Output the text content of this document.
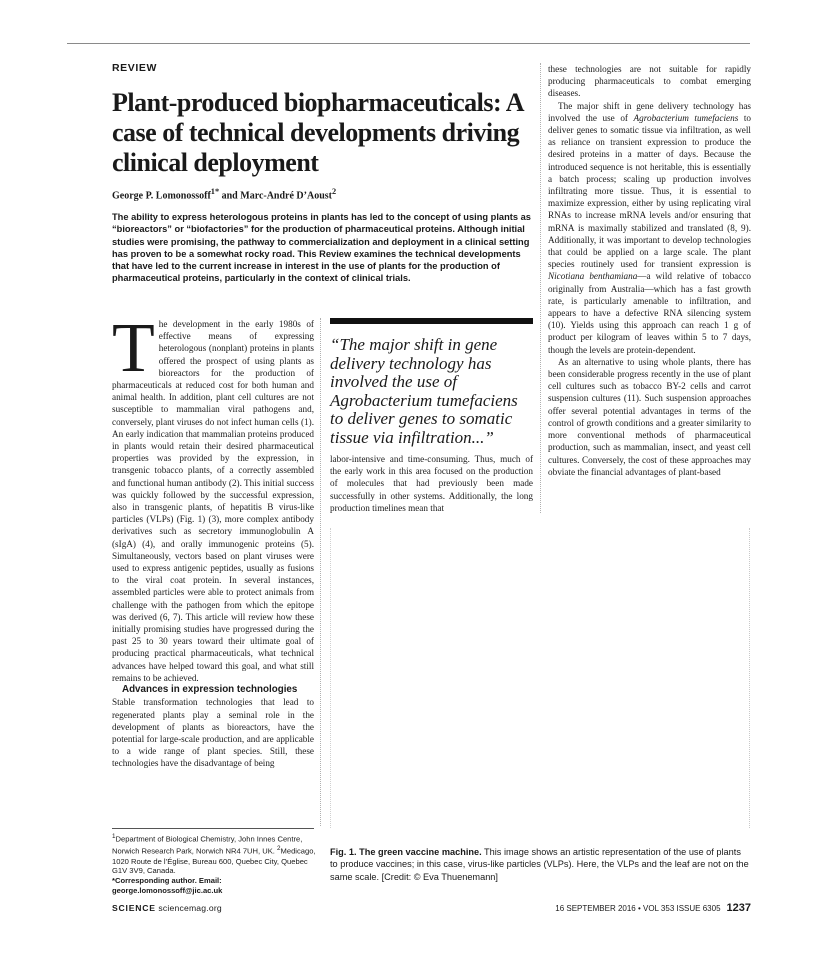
REVIEW
Plant-produced biopharmaceuticals: A case of technical developments driving clinical deployment
George P. Lomonossoff$^{1*}$ and Marc-André D’Aoust$^2$

The ability to express heterologous proteins in plants has led to the concept of using plants as “bioreactors” or “biofactories” for the production of pharmaceutical proteins. Although initial studies were promising, the pathway to commercialization and deployment in a clinical setting has proven to be a somewhat rocky road. This Review examines the technical developments that have led to the current increase in interest in the use of plants for the production of pharmaceutical proteins, particularly in the context of clinical trials.

The development in the early 1980s of effective means of expressing heterologous (nonplant) proteins in plants offered the prospect of using plants as bioreactors for the production of pharmaceuticals at reduced cost for both human and animal health. In addition, plant cell cultures are not susceptible to mammalian viral pathogens and, conversely, plant viruses do not infect human cells (1). An early indication that mammalian proteins produced in plants would retain their desired pharmaceutical properties was provided by the expression, in transgenic tobacco plants, of a correctly assembled and functional human antibody (2). This initial success was quickly followed by the successful expression, also in transgenic plants, of hepatitis B virus-like particles (VLPs) (Fig. 1) (3), more complex antibody derivatives such as secretory immunoglobulin A (sIgA) (4), and orally immunogenic proteins (5). Simultaneously, vectors based on plant viruses were used to express antigenic peptides, usually as fusions to the viral coat protein. In several instances, assembled particles were able to protect animals from challenge with the pathogen from which the epitope was derived (6, 7). This article will review how these initially promising studies have progressed during the past 25 to 30 years toward their ultimate goal of producing practical pharmaceuticals, what technical advances have helped toward this goal, and what still remains to be achieved.

Advances in expression technologies

Stable transformation technologies that lead to regenerated plants play a seminal role in the development of plants as bioreactors, have the potential for large-scale production, and are applicable to a wide range of plant species. Still, these technologies have the disadvantage of being

“The major shift in gene delivery technology has involved the use of Agrobacterium tumefaciens to deliver genes to somatic tissue via infiltration...”

labor-intensive and time-consuming. Thus, much of the early work in this area focused on the production of molecules that had previously been made successfully in other systems. Additionally, the long production timelines mean that

these technologies are not suitable for rapidly producing pharmaceuticals to combat emerging diseases.

The major shift in gene delivery technology has involved the use of Agrobacterium tumefaciens to deliver genes to somatic tissue via infiltration, as well as reliance on transient expression to produce the desired proteins in a matter of days. Because the introduced sequence is not heritable, this is essentially a batch process; scaling up production involves infiltrating more tissue. Thus, it is essential to maximize expression, either by using replicating viral RNAs to increase mRNA levels and/or ensuring that mRNA is maximally stabilized and translated (8, 9). Additionally, it was important to develop technologies that could be applied on a large scale. The plant species routinely used for transient expression is Nicotiana benthamiana—a wild relative of tobacco originally from Australia—which has a fast growth rate, is particularly amenable to infiltration, and appears to have a defective RNA silencing system (10). Yields using this approach can reach 1 g of product per kilogram of leaves within 5 to 7 days, though the levels are protein-dependent.

As an alternative to using whole plants, there has been considerable progress recently in the use of plant cell cultures such as tobacco BY-2 cells and carrot suspension cultures (11). Such suspension approaches offer several potential advantages in terms of the control of growth conditions and a greater similarity to more conventional methods of pharmaceutical production, such as mammalian, insect, and yeast cell cultures. Conversely, the cost of these approaches may obviate the financial advantages of plant-based

Fig. 1. The green vaccine machine. This image shows an artistic representation of the use of plants to produce vaccines; in this case, virus-like particles (VLPs). Here, the VLPs and the leaf are not on the same scale. [Credit: © Eva Thuenemann]

$^1$Department of Biological Chemistry, John Innes Centre, Norwich Research Park, Norwich NR4 7UH, UK. $^2$Medicago, 1020 Route de l’Église, Bureau 600, Quebec City, Quebec G1V 3V9, Canada.
*Corresponding author. Email: george.lomonossoff@jic.ac.uk

SCIENCE sciencemag.org	16 SEPTEMBER 2016 • VOL 353 ISSUE 6305 1237
